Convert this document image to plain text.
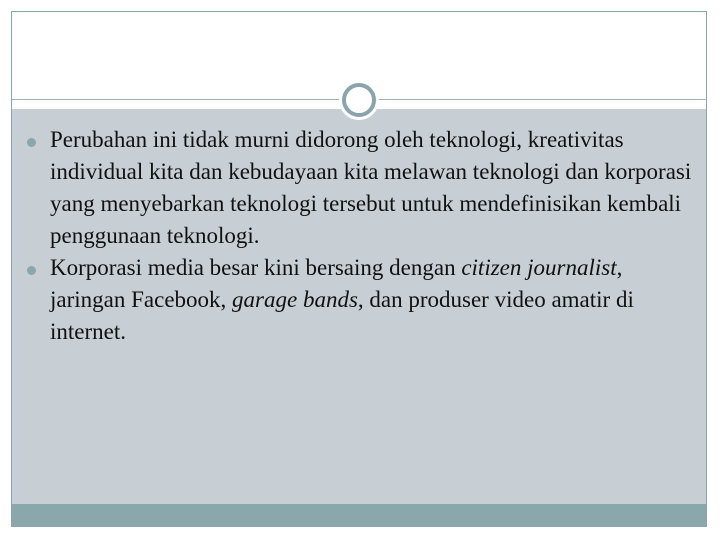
Perubahan ini tidak murni didorong oleh teknologi, kreativitas individual kita dan kebudayaan kita melawan teknologi dan korporasi yang menyebarkan teknologi tersebut untuk mendefinisikan kembali penggunaan teknologi.
Korporasi media besar kini bersaing dengan citizen journalist, jaringan Facebook, garage bands, dan produser video amatir di internet.
